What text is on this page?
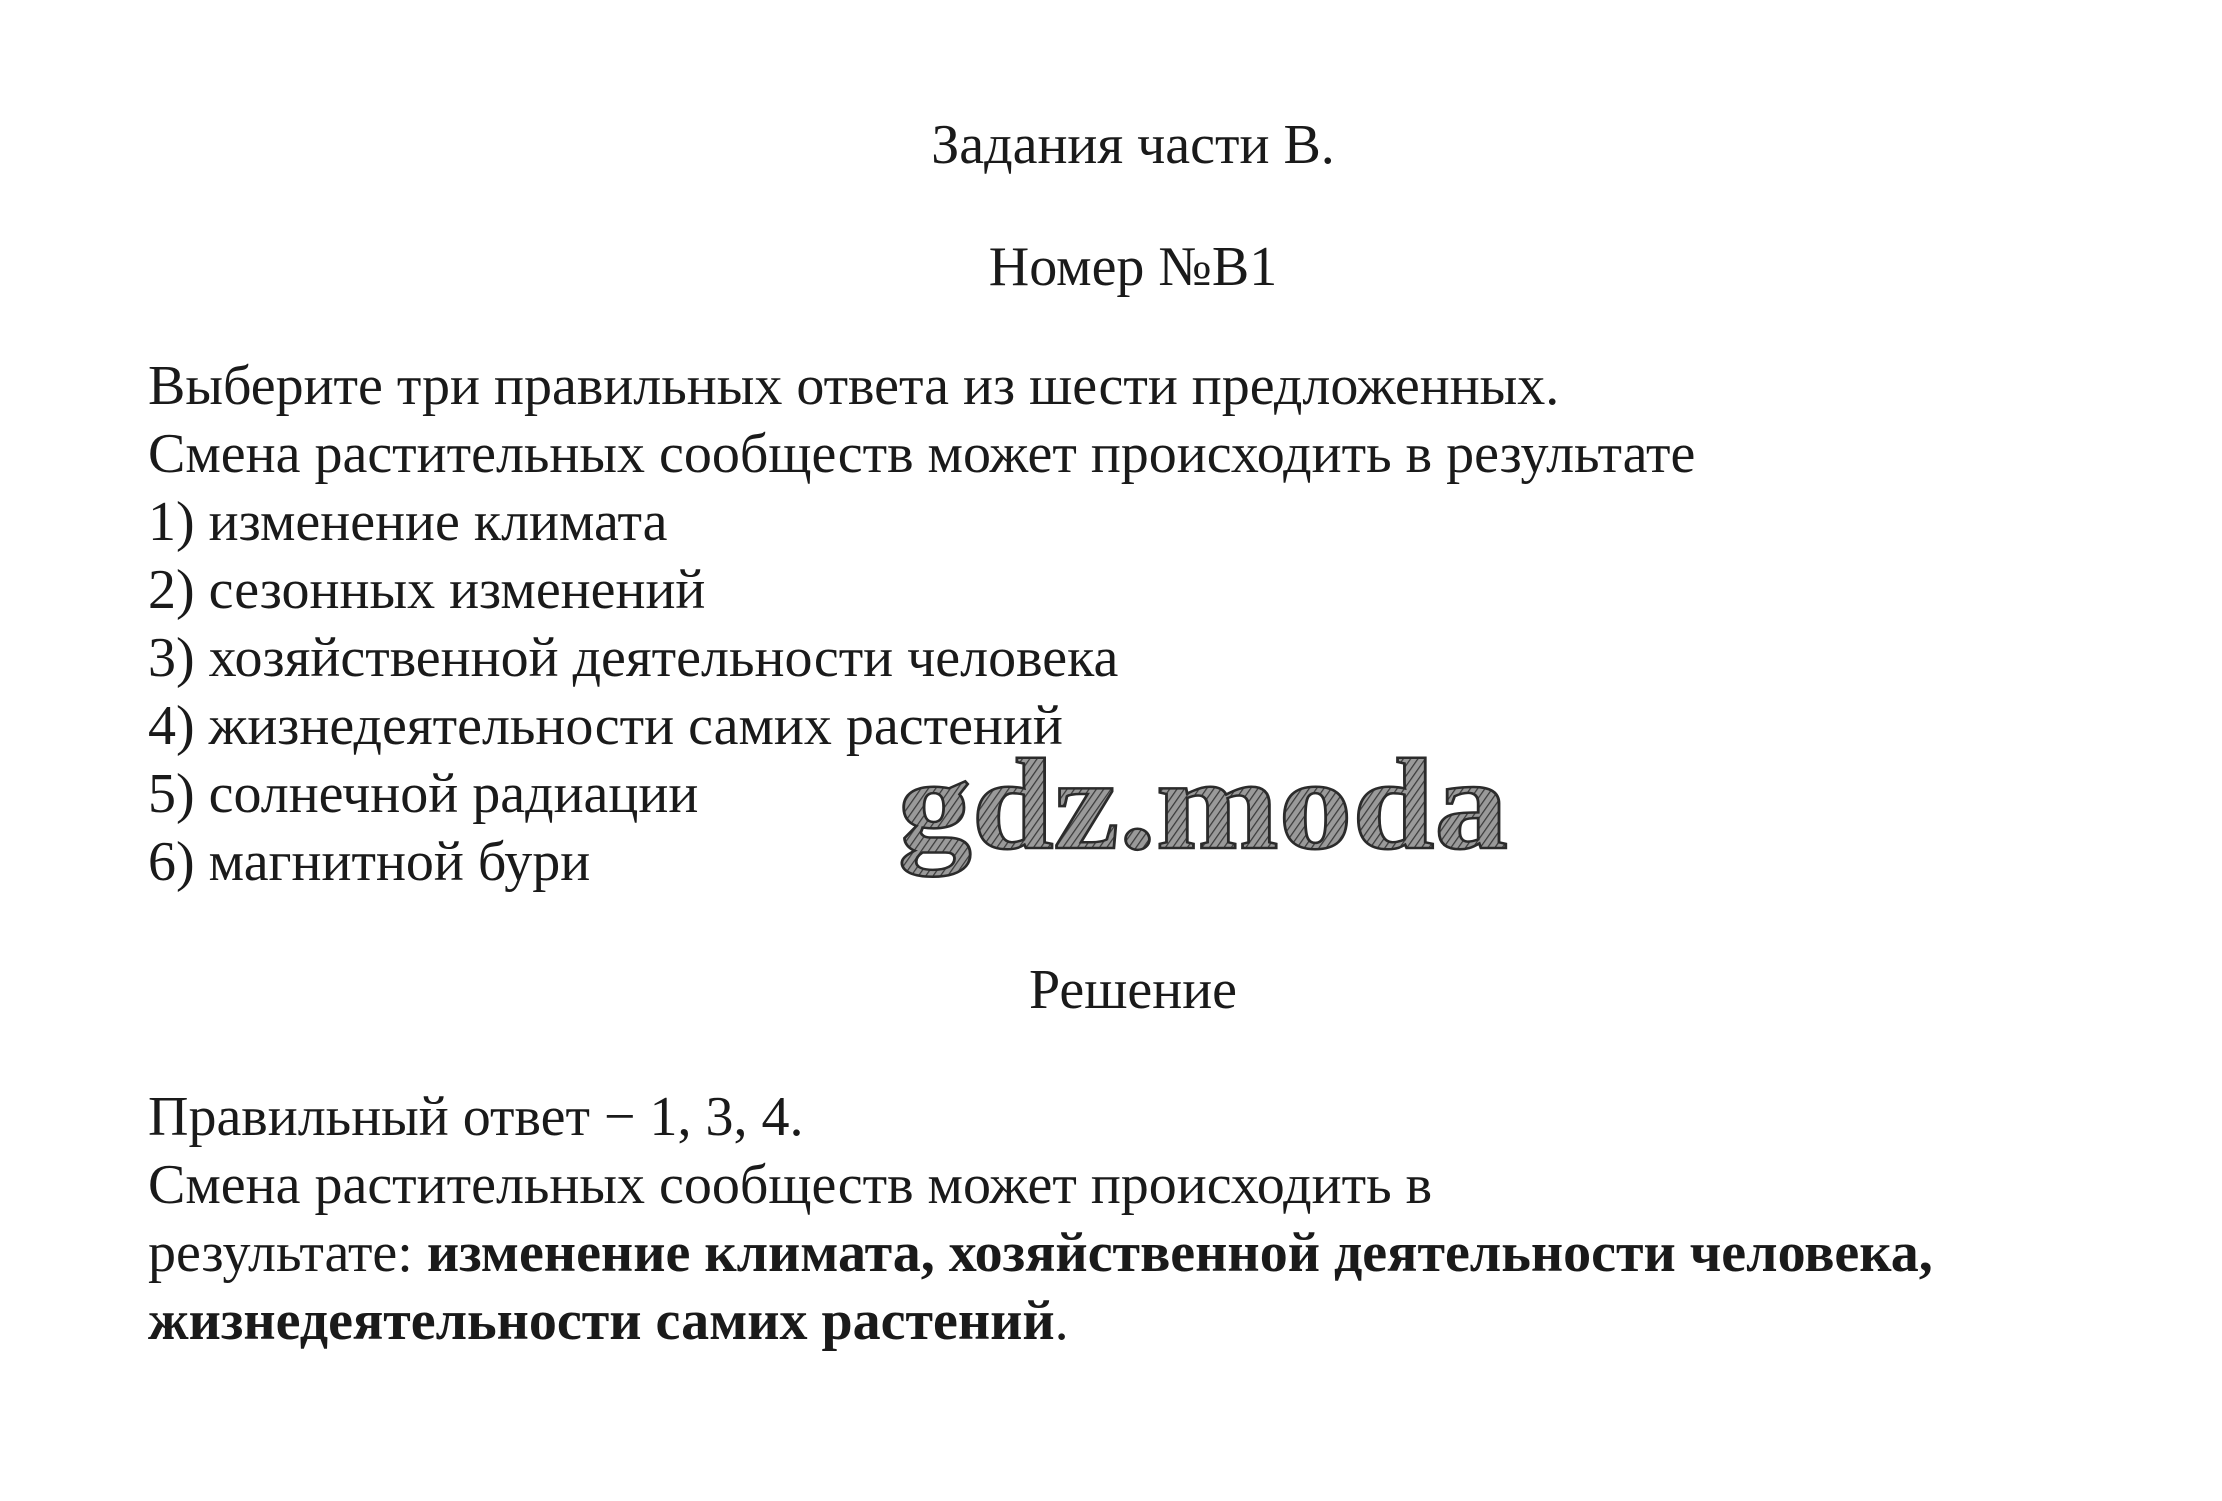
Задания части B.
Номер №B1
Выберите три правильных ответа из шести предложенных.
Смена растительных сообществ может происходить в результате
1) изменение климата
2) сезонных изменений
3) хозяйственной деятельности человека
4) жизнедеятельности самих растений
5) солнечной радиации
6) магнитной бури	gdz.moda
Решение
Правильный ответ − 1, 3, 4.
Смена растительных сообществ может происходить в
результате: изменение климата, хозяйственной деятельности человека,
жизнедеятельности самих растений.
